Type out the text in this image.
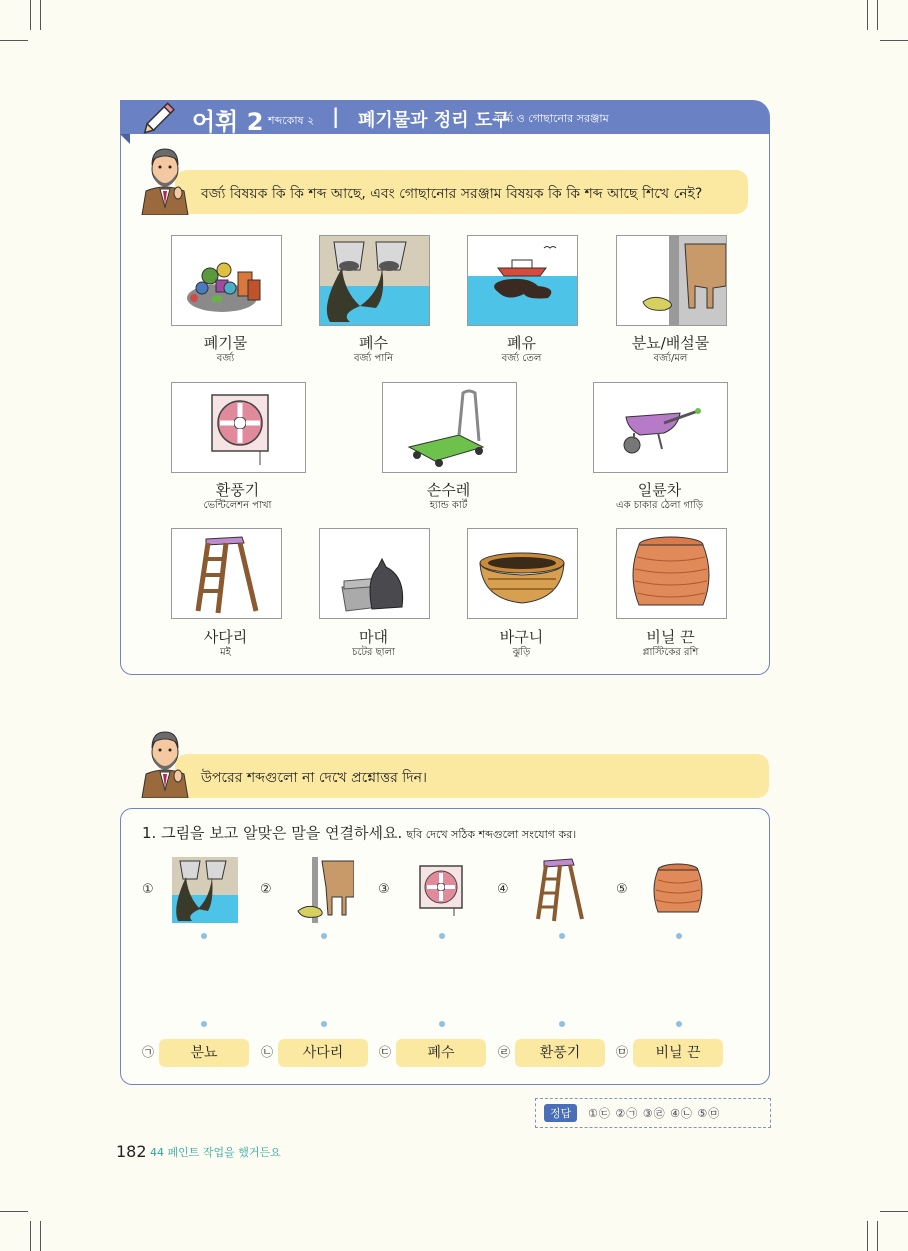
어휘 2 শব্দকোষ ২ | 폐기물과 정리 도구
বর্জ্য ও গোছানোর সরঞ্জাম
বর্জ্য বিষয়ক কি কি শব্দ আছে, এবং গোছানোর সরঞ্জাম বিষয়ক কি কি শব্দ আছে শিখে নেই?
폐기물
বর্জ্য
폐수
বর্জ্য পানি
폐유
বর্জ্য তেল
분뇨/배설물
বর্জ্য/মল
환풍기
ভেন্টিলেশন পাখা
손수레
হ্যান্ড কার্ট
일륜차
এক চাকার ঠেলা গাড়ি
사다리
মই
마대
চটের ছালা
바구니
ঝুড়ি
비닐 끈
প্লাস্টিকের রশি
উপরের শব্দগুলো না দেখে প্রশ্নোত্তর দিন।
1. 그림을 보고 알맞은 말을 연결하세요. ছবি দেখে সঠিক শব্দগুলো সংযোগ কর।
①	②	③	④	⑤
㉠	분뇨	㉡	사다리	㉢	폐수	㉣	환풍기	㉤	비닐 끈
정답	①㉢ ②㉠ ③㉣ ④㉡ ⑤㉤
182 44 페인트 작업을 했거든요
